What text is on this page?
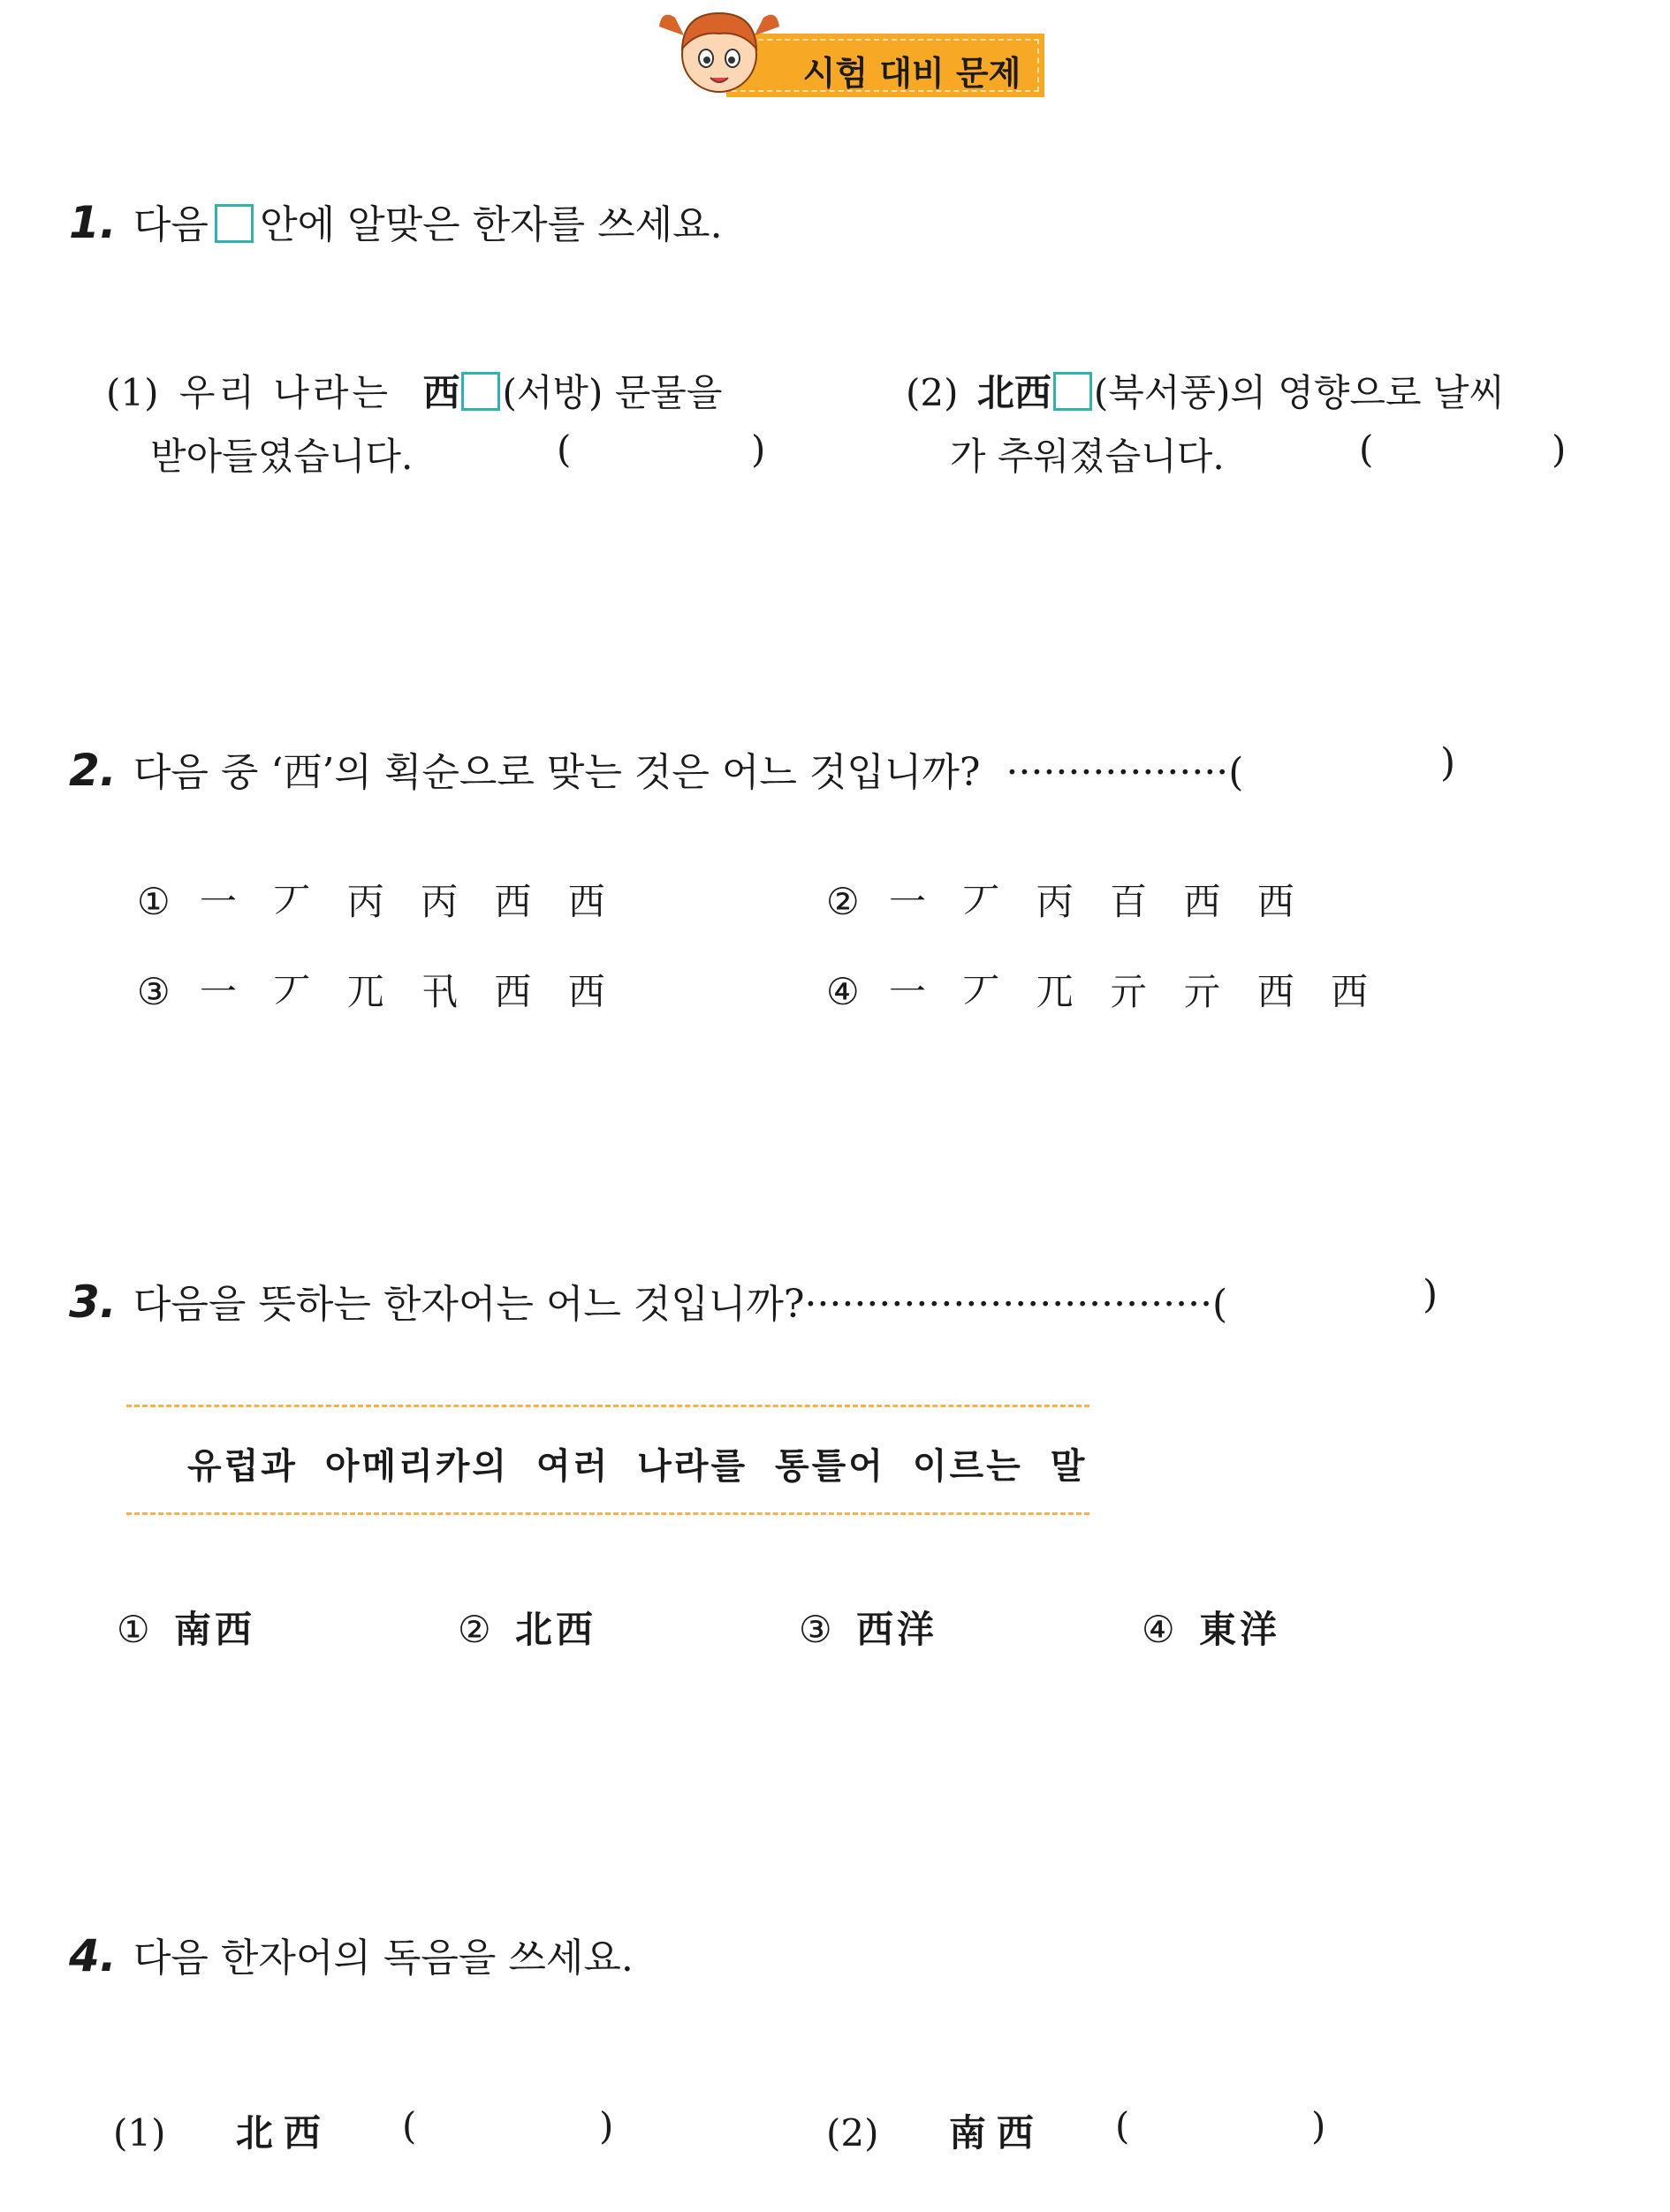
시험 대비 문제
1. 다음 안에 알맞은 한자를 쓰세요.
(1) 우리 나라는 西 (서방) 문물을
받아들였습니다.	(	)
(2) 北西 (북서풍)의 영향으로 날씨
가 추워졌습니다.	(	)
2. 다음 중 ‘西’의 획순으로 맞는 것은 어느 것입니까? ··················(	)
① 一 丆 丙 丙 西 西	② 一 丆 丙 百 西 西
③ 一 丆 兀 卂 西 西	④ 一 丆 兀 亓 亓 西 西
3. 다음을 뜻하는 한자어는 어느 것입니까?·································(	)
유럽과 아메리카의 여러 나라를 통틀어 이르는 말
① 南西	② 北西	③ 西洋	④ 東洋
4. 다음 한자어의 독음을 쓰세요.
(1) 北西 (	)	(2) 南西 (	)
